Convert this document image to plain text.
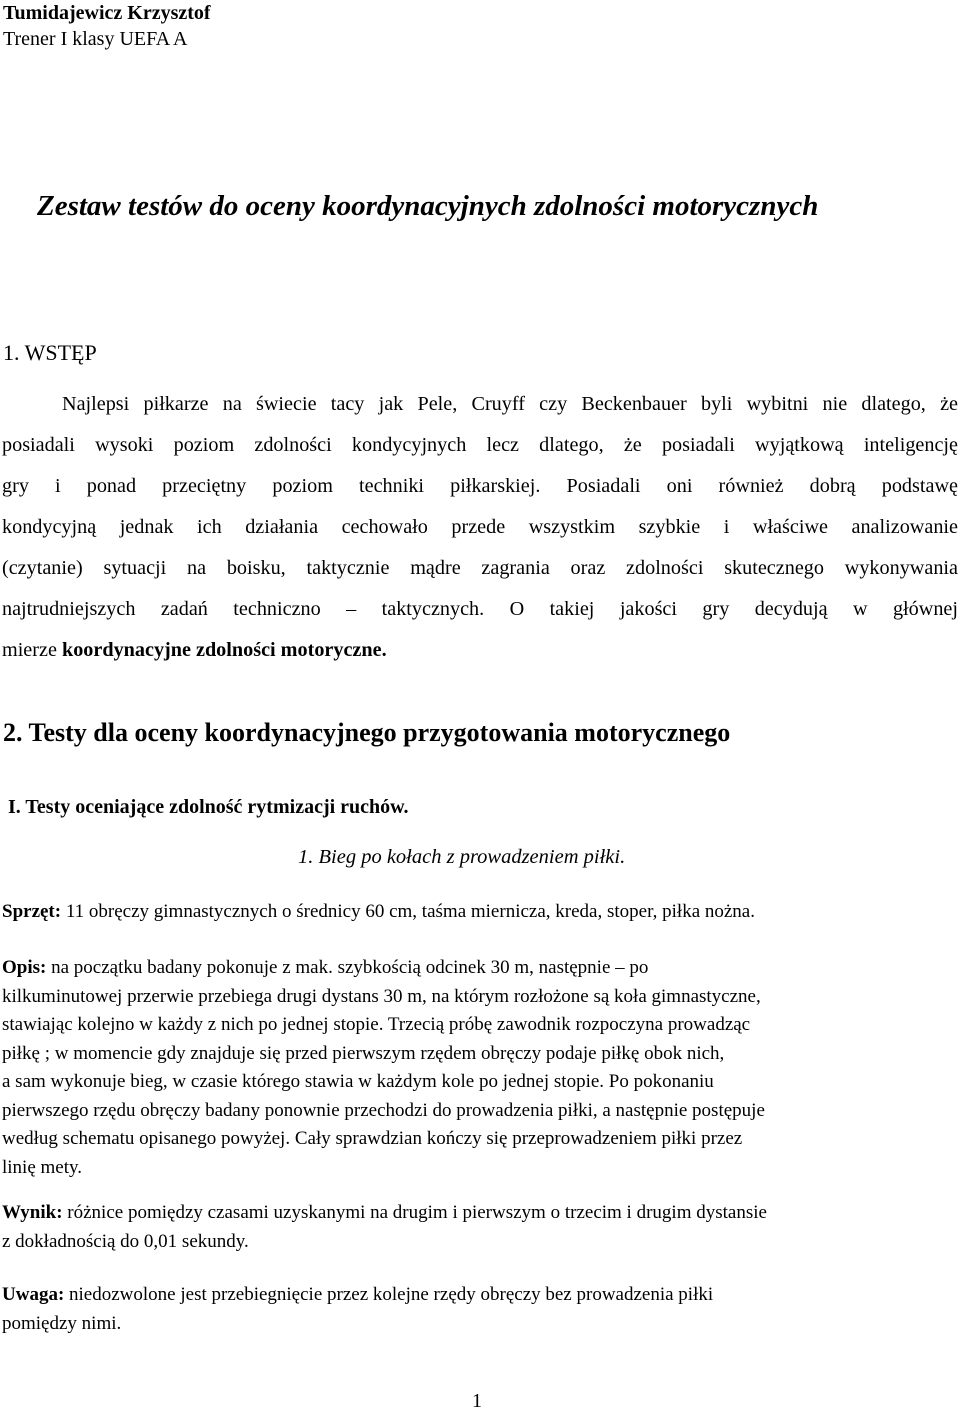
Tumidajewicz Krzysztof
Trener I klasy UEFA A
Zestaw testów do oceny koordynacyjnych zdolności motorycznych
1. WSTĘP
Najlepsi piłkarze na świecie tacy jak Pele, Cruyff czy Beckenbauer byli wybitni nie dlatego, że
posiadali wysoki poziom zdolności kondycyjnych lecz dlatego, że posiadali wyjątkową inteligencję
gry i ponad przeciętny poziom techniki piłkarskiej. Posiadali oni również dobrą podstawę
kondycyjną jednak ich działania cechowało przede wszystkim szybkie i właściwe analizowanie
(czytanie) sytuacji na boisku, taktycznie mądre zagrania oraz zdolności skutecznego wykonywania
najtrudniejszych zadań techniczno – taktycznych. O takiej jakości gry decydują w głównej
mierze koordynacyjne zdolności motoryczne.
2. Testy dla oceny koordynacyjnego przygotowania motorycznego
I. Testy oceniające zdolność rytmizacji ruchów.
1. Bieg po kołach z prowadzeniem piłki.
Sprzęt: 11 obręczy gimnastycznych o średnicy 60 cm, taśma miernicza, kreda, stoper, piłka nożna.
Opis: na początku badany pokonuje z mak. szybkością odcinek 30 m, następnie – po
kilkuminutowej przerwie przebiega drugi dystans 30 m, na którym rozłożone są koła gimnastyczne,
stawiając kolejno w każdy z nich po jednej stopie. Trzecią próbę zawodnik rozpoczyna prowadząc
piłkę ; w momencie gdy znajduje się przed pierwszym rzędem obręczy podaje piłkę obok nich,
a sam wykonuje bieg, w czasie którego stawia w każdym kole po jednej stopie. Po pokonaniu
pierwszego rzędu obręczy badany ponownie przechodzi do prowadzenia piłki, a następnie postępuje
według schematu opisanego powyżej. Cały sprawdzian kończy się przeprowadzeniem piłki przez
linię mety.
Wynik: różnice pomiędzy czasami uzyskanymi na drugim i pierwszym o trzecim i drugim dystansie
z dokładnością do 0,01 sekundy.
Uwaga: niedozwolone jest przebiegnięcie przez kolejne rzędy obręczy bez prowadzenia piłki
pomiędzy nimi.
1
